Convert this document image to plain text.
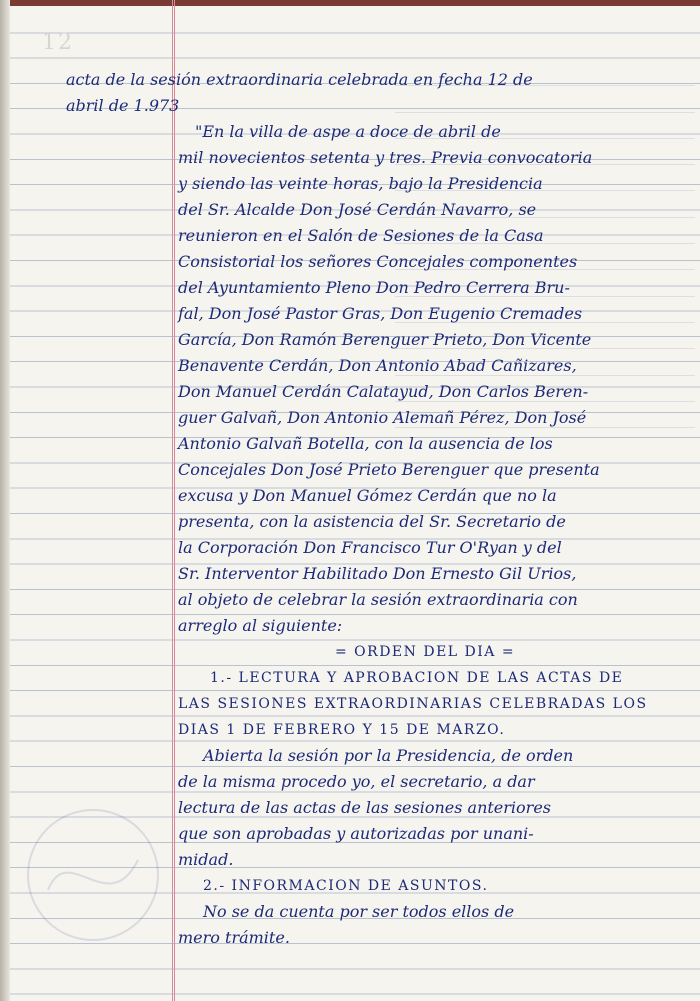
12

acta de la sesión extraordinaria celebrada en fecha 12 de

abril de 1.973

"En la villa de aspe a doce de abril de

mil novecientos setenta y tres. Previa convocatoria

y siendo las veinte horas, bajo la Presidencia

del Sr. Alcalde Don José Cerdán Navarro, se

reunieron en el Salón de Sesiones de la Casa

Consistorial los señores Concejales componentes

del Ayuntamiento Pleno Don Pedro Cerrera Bru-

fal, Don José Pastor Gras, Don Eugenio Cremades

García, Don Ramón Berenguer Prieto, Don Vicente

Benavente Cerdán, Don Antonio Abad Cañizares,

Don Manuel Cerdán Calatayud, Don Carlos Beren-

guer Galvañ, Don Antonio Alemañ Pérez, Don José

Antonio Galvañ Botella, con la ausencia de los

Concejales Don José Prieto Berenguer que presenta

excusa y Don Manuel Gómez Cerdán que no la

presenta, con la asistencia del Sr. Secretario de

la Corporación Don Francisco Tur O'Ryan y del

Sr. Interventor Habilitado Don Ernesto Gil Urios,

al objeto de celebrar la sesión extraordinaria con

arreglo al siguiente:

= ORDEN DEL DIA =

1.- LECTURA Y APROBACION DE LAS ACTAS DE

LAS SESIONES EXTRAORDINARIAS CELEBRADAS LOS

DIAS 1 DE FEBRERO Y 15 DE MARZO.

Abierta la sesión por la Presidencia, de orden

de la misma procedo yo, el secretario, a dar

lectura de las actas de las sesiones anteriores

que son aprobadas y autorizadas por unani-

midad.

2.- INFORMACION DE ASUNTOS.

No se da cuenta por ser todos ellos de

mero trámite.
